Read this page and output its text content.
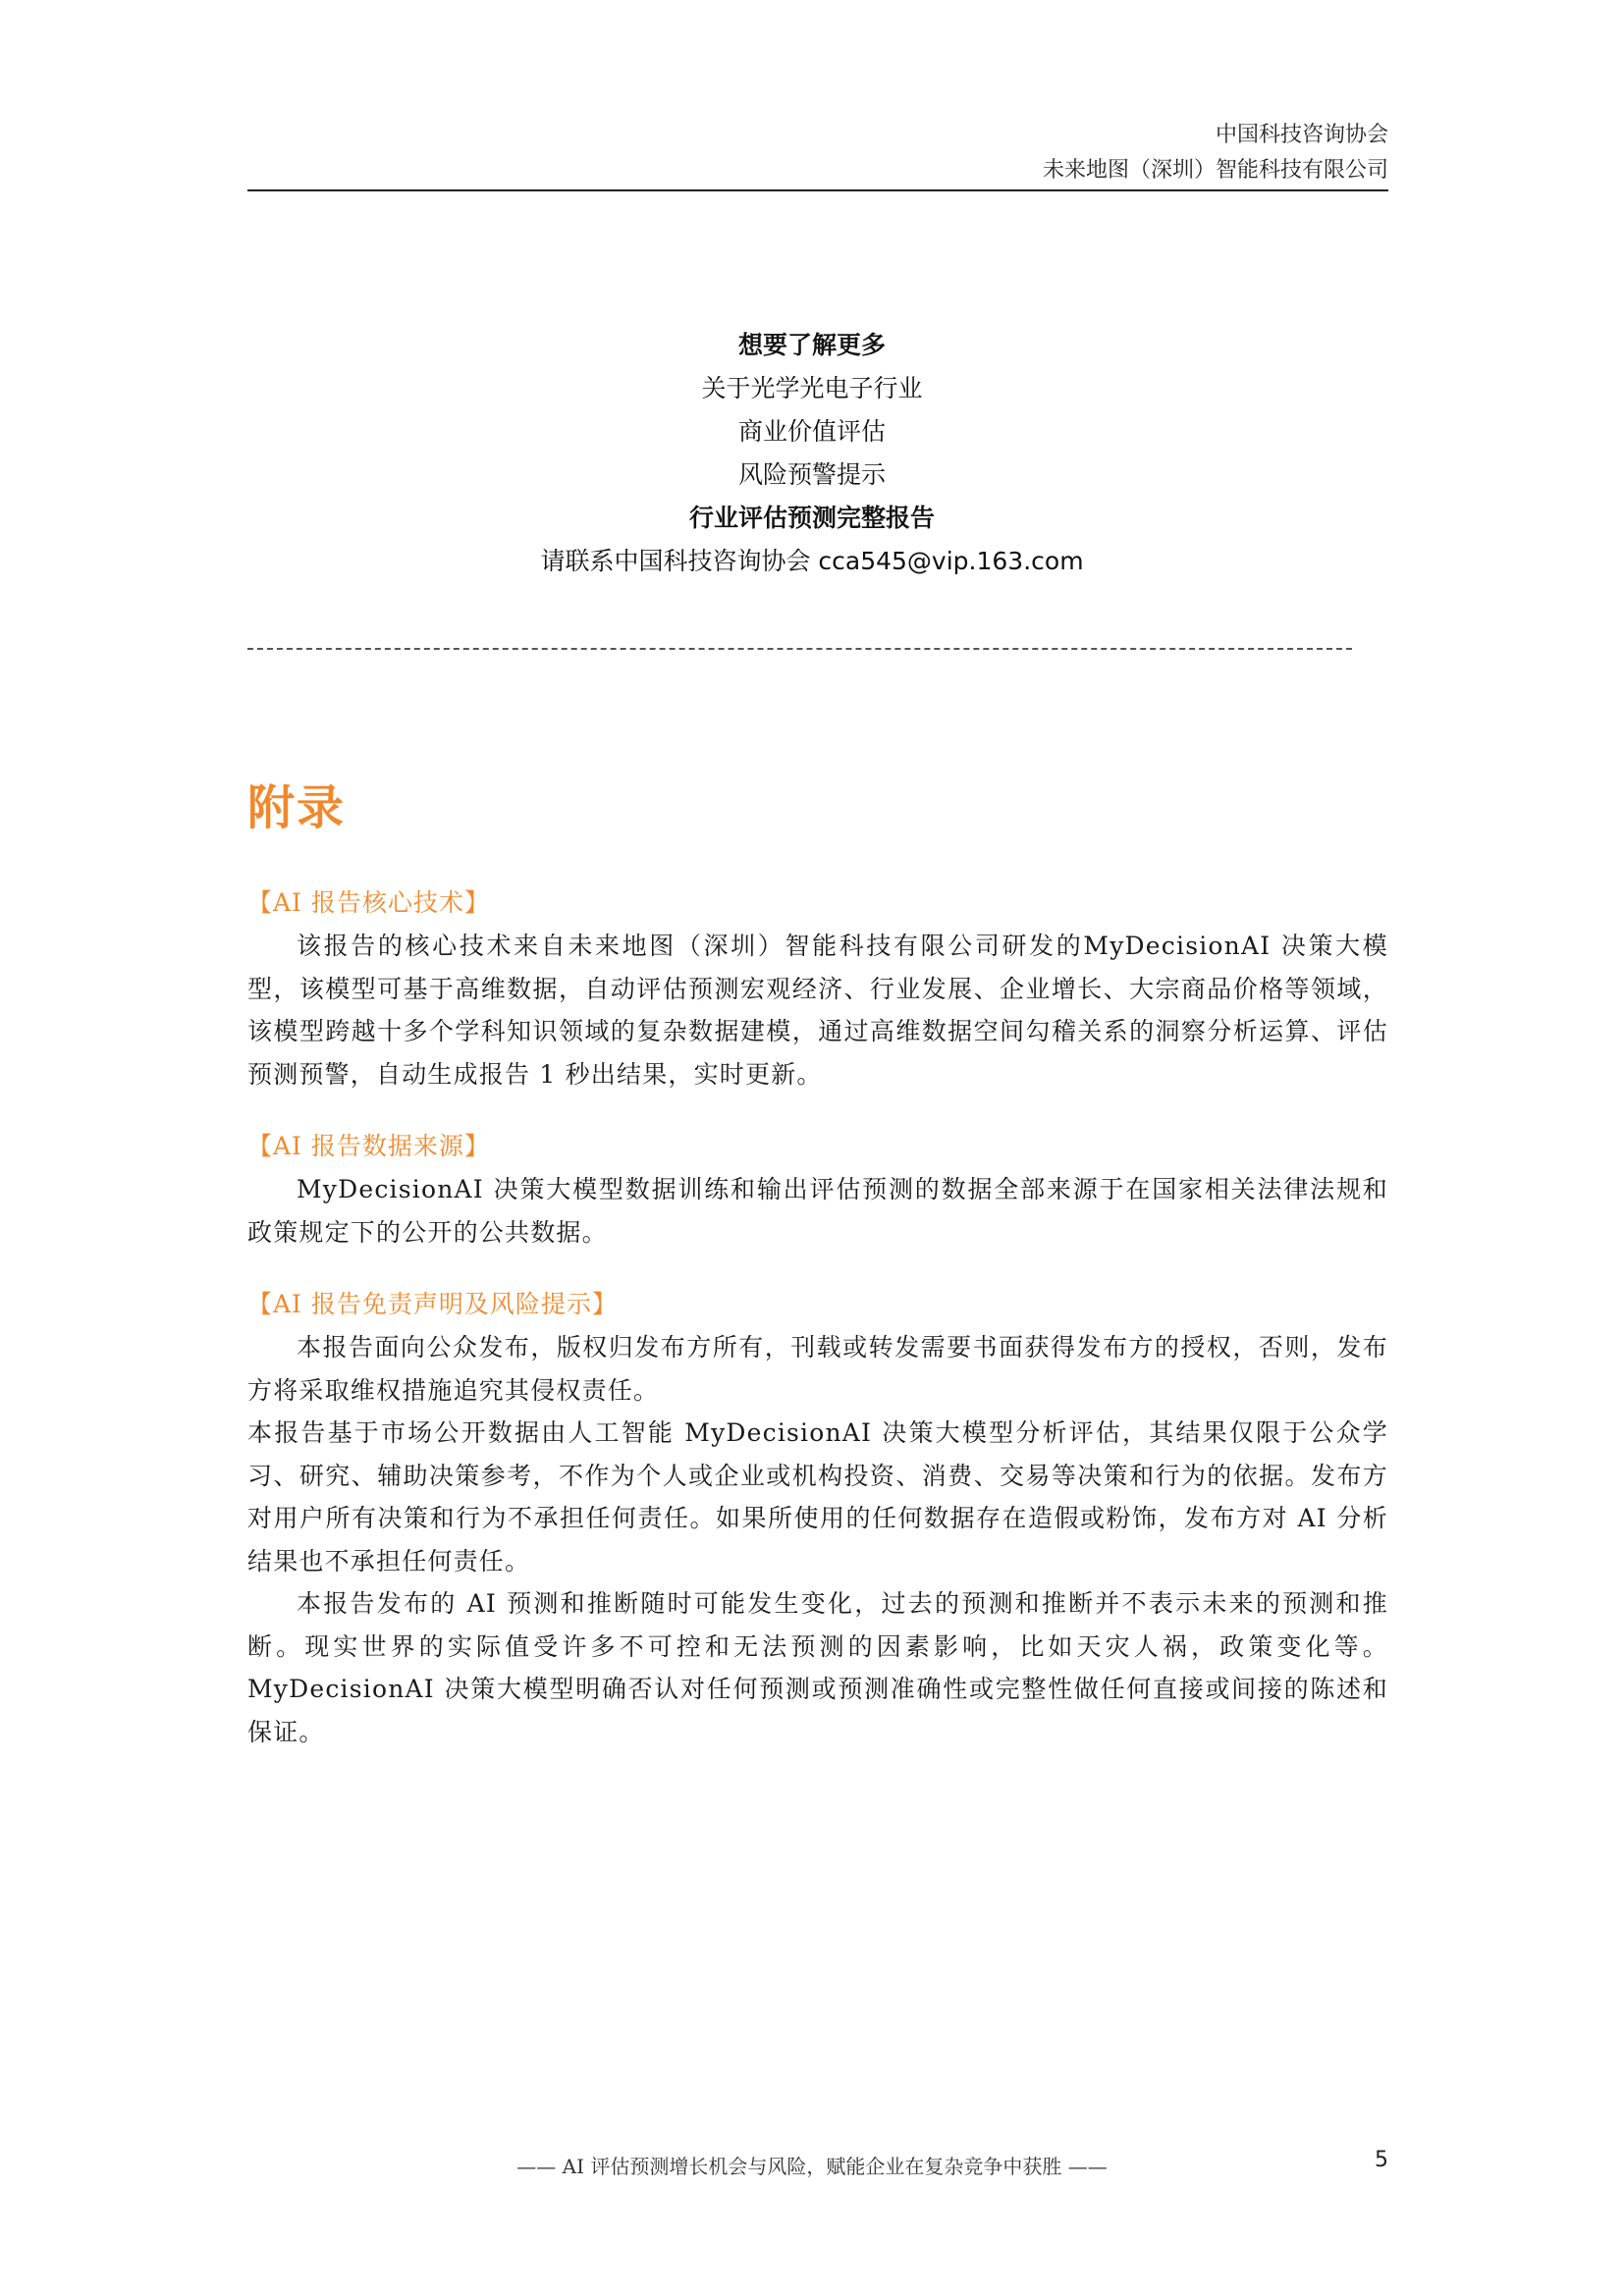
中国科技咨询协会
未来地图（深圳）智能科技有限公司
想要了解更多
关于光学光电子行业
商业价值评估
风险预警提示
行业评估预测完整报告
请联系中国科技咨询协会 cca545@vip.163.com
附录

【AI 报告核心技术】

该报告的核心技术来自未来地图（深圳）智能科技有限公司研发的MyDecisionAI 决策大模型，该模型可基于高维数据，自动评估预测宏观经济、行业发展、企业增长、大宗商品价格等领域，该模型跨越十多个学科知识领域的复杂数据建模，通过高维数据空间勾稽关系的洞察分析运算、评估预测预警，自动生成报告 1 秒出结果，实时更新。

【AI 报告数据来源】

MyDecisionAI 决策大模型数据训练和输出评估预测的数据全部来源于在国家相关法律法规和政策规定下的公开的公共数据。

【AI 报告免责声明及风险提示】

本报告面向公众发布，版权归发布方所有，刊载或转发需要书面获得发布方的授权，否则，发布方将采取维权措施追究其侵权责任。

本报告基于市场公开数据由人工智能 MyDecisionAI 决策大模型分析评估，其结果仅限于公众学习、研究、辅助决策参考，不作为个人或企业或机构投资、消费、交易等决策和行为的依据。发布方对用户所有决策和行为不承担任何责任。如果所使用的任何数据存在造假或粉饰，发布方对 AI 分析结果也不承担任何责任。

本报告发布的 AI 预测和推断随时可能发生变化，过去的预测和推断并不表示未来的预测和推断。现实世界的实际值受许多不可控和无法预测的因素影响，比如天灾人祸，政策变化等。MyDecisionAI 决策大模型明确否认对任何预测或预测准确性或完整性做任何直接或间接的陈述和保证。

—— AI 评估预测增长机会与风险，赋能企业在复杂竞争中获胜 ——	5
